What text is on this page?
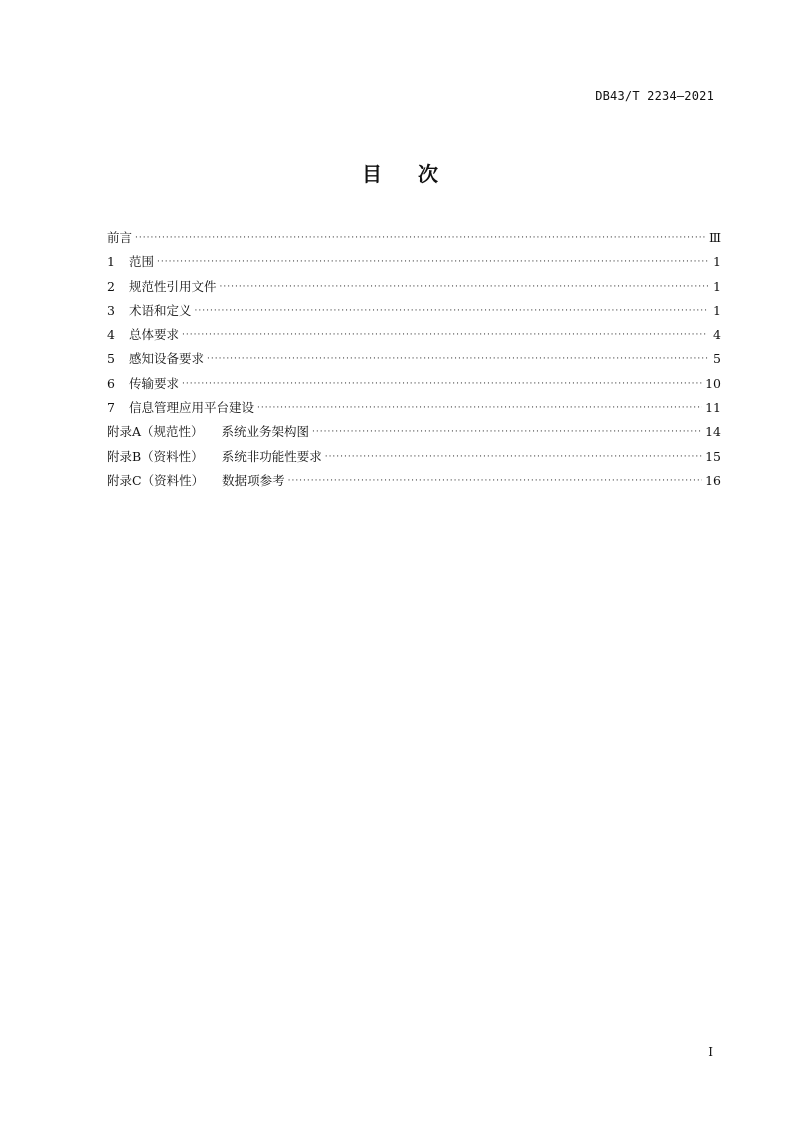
DB43/T 2234—2021
目 次
前言 ·····	Ⅲ
1	范围 ·····	1
2	规范性引用文件 ·····	1
3	术语和定义 ·····	1
4	总体要求 ·····	4
5	感知设备要求 ·····	5
6	传输要求 ·····	10
7	信息管理应用平台建设 ·····	11
附录A（规范性） 系统业务架构图 ·····	14
附录B（资料性） 系统非功能性要求 ·····	15
附录C（资料性） 数据项参考 ·····	16
I
